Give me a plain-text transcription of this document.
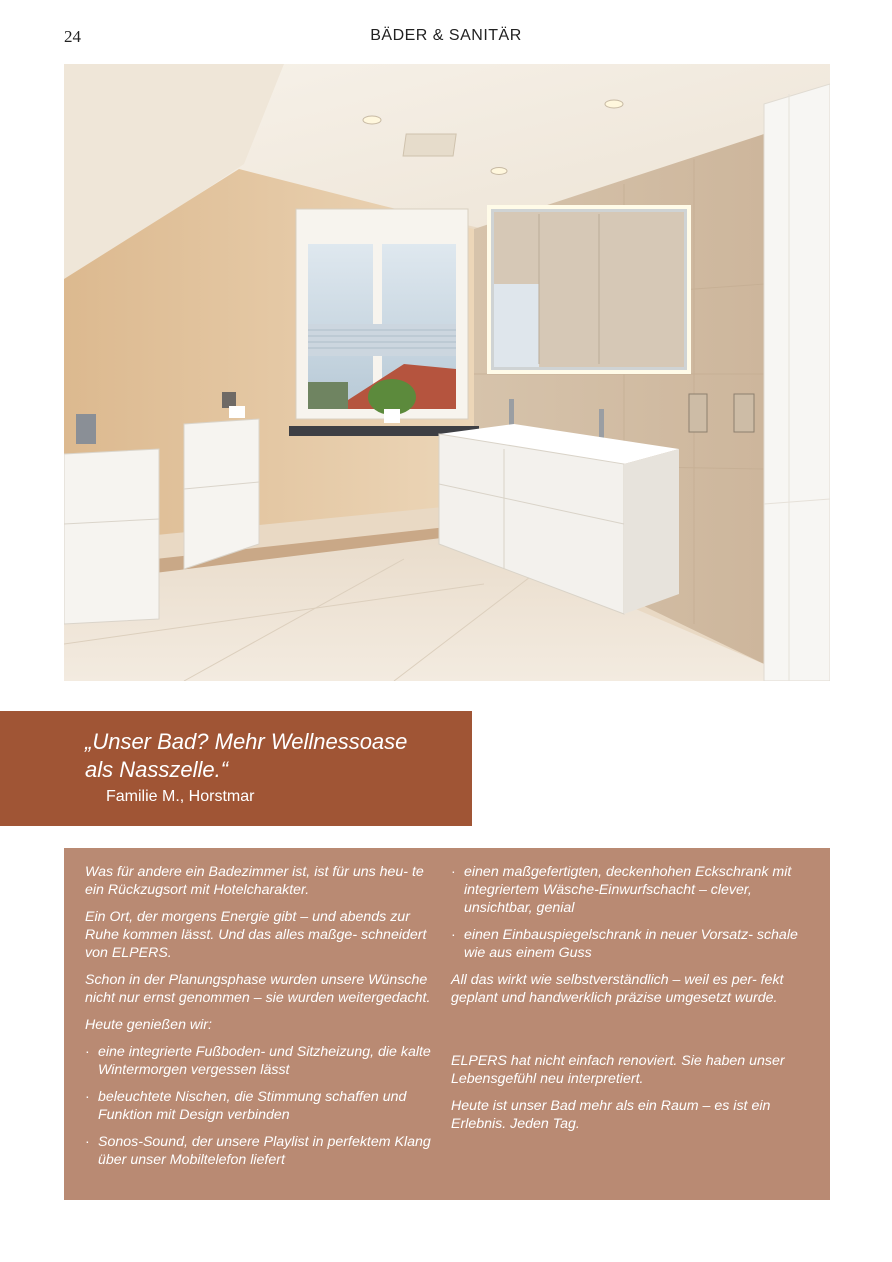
24	BÄDER & SANITÄR
„Unser Bad? Mehr Wellnessoase
als Nasszelle.“
Familie M., Horstmar

Was für andere ein Badezimmer ist, ist für uns heu- te ein Rückzugsort mit Hotelcharakter.

Ein Ort, der morgens Energie gibt – und abends zur Ruhe kommen lässt. Und das alles maßge- schneidert von ELPERS.

Schon in der Planungsphase wurden unsere Wünsche nicht nur ernst genommen – sie wurden weitergedacht.

Heute genießen wir:

· eine integrierte Fußboden- und Sitzheizung, die kalte Wintermorgen vergessen lässt
· beleuchtete Nischen, die Stimmung schaffen und Funktion mit Design verbinden
· Sonos-Sound, der unsere Playlist in perfektem Klang über unser Mobiltelefon liefert
· einen maßgefertigten, deckenhohen Eckschrank mit integriertem Wäsche-Einwurfschacht – clever, unsichtbar, genial
· einen Einbauspiegelschrank in neuer Vorsatz- schale wie aus einem Guss

All das wirkt wie selbstverständlich – weil es per- fekt geplant und handwerklich präzise umgesetzt wurde.

ELPERS hat nicht einfach renoviert. Sie haben unser Lebensgefühl neu interpretiert.

Heute ist unser Bad mehr als ein Raum – es ist ein Erlebnis. Jeden Tag.
